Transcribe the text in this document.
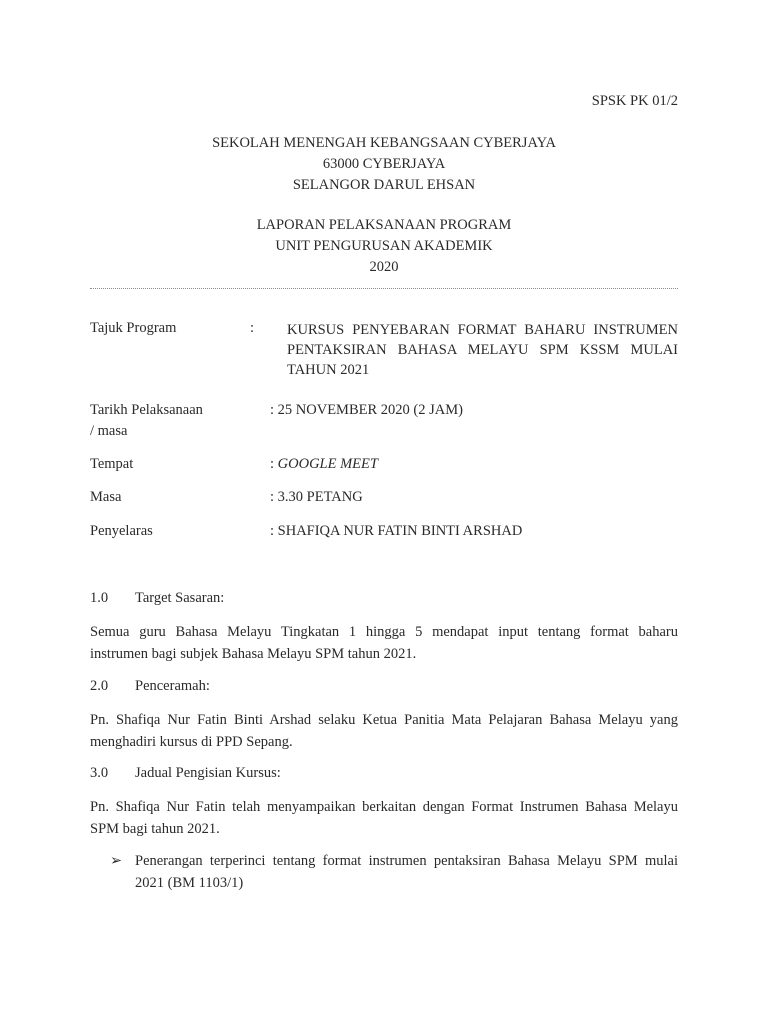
SPSK PK 01/2
SEKOLAH MENENGAH KEBANGSAAN CYBERJAYA
63000 CYBERJAYA
SELANGOR DARUL EHSAN
LAPORAN PELAKSANAAN PROGRAM
UNIT PENGURUSAN AKADEMIK
2020
Tajuk Program	: KURSUS PENYEBARAN FORMAT BAHARU INSTRUMEN
PENTAKSIRAN BAHASA MELAYU SPM KSSM MULAI
TAHUN 2021
Tarikh Pelaksanaan
/ masa
: 25 NOVEMBER 2020 (2 JAM)
Tempat	: GOOGLE MEET
Masa	: 3.30 PETANG
Penyelaras	: SHAFIQA NUR FATIN BINTI ARSHAD
1.0 Target Sasaran:
Semua guru Bahasa Melayu Tingkatan 1 hingga 5 mendapat input tentang format baharu
instrumen bagi subjek Bahasa Melayu SPM tahun 2021.
2.0 Penceramah:
Pn. Shafiqa Nur Fatin Binti Arshad selaku Ketua Panitia Mata Pelajaran Bahasa Melayu yang
menghadiri kursus di PPD Sepang.
3.0 Jadual Pengisian Kursus:
Pn. Shafiqa Nur Fatin telah menyampaikan berkaitan dengan Format Instrumen Bahasa Melayu
SPM bagi tahun 2021.
➢ Penerangan terperinci tentang format instrumen pentaksiran Bahasa Melayu SPM mulai
2021 (BM 1103/1)
